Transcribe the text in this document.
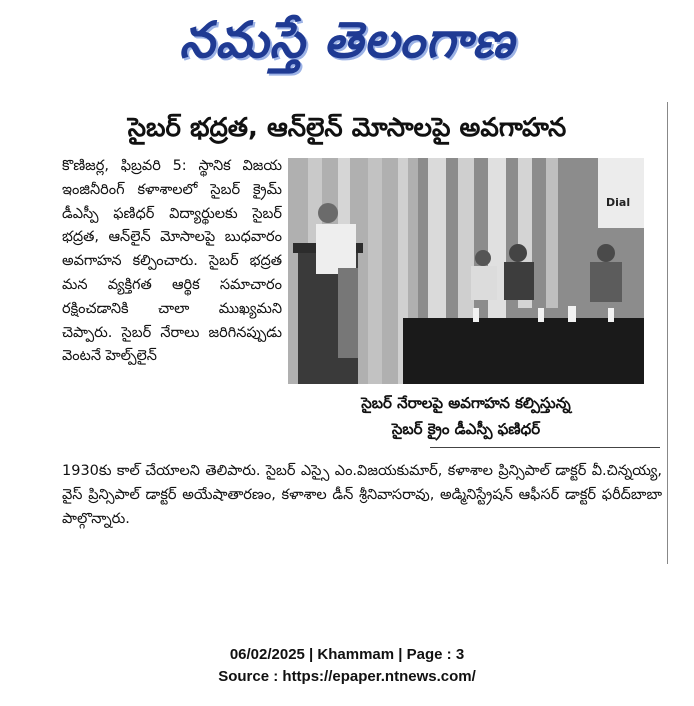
నమస్తే తెలంగాణ
సైబర్ భద్రత, ఆన్‌లైన్ మోసాలపై అవగాహన

కొణిజర్ల, ఫిబ్రవరి 5: స్థానిక విజయ ఇంజినీరింగ్ కళాశాలలో సైబర్ క్రైమ్ డీఎస్పీ ఫణిధర్ విద్యార్థులకు సైబర్ భద్రత, ఆన్‌లైన్ మోసాలపై బుధవారం అవగాహన కల్పించారు. సైబర్ భద్రత మన వ్యక్తిగత ఆర్థిక సమాచారం రక్షించడానికి చాలా ముఖ్యమని చెప్పారు. సైబర్ నేరాలు జరిగినప్పుడు వెంటనే హెల్ప్‌లైన్

Dial
సైబర్ నేరాలపై అవగాహన కల్పిస్తున్న
సైబర్ క్రైం డీఎస్పీ ఫణిధర్
1930కు కాల్ చేయాలని తెలిపారు. సైబర్ ఎస్సై ఎం.విజయకుమార్, కళాశాల ప్రిన్సిపాల్ డాక్టర్ వీ.చిన్నయ్య, వైస్ ప్రిన్సిపాల్ డాక్టర్ అయేషాతారణం, కళాశాల డీన్ శ్రీనివాసరావు, అడ్మినిస్ట్రేషన్ ఆఫీసర్ డాక్టర్ ఫరీద్‌బాబా పాల్గొన్నారు.
06/02/2025 | Khammam | Page : 3
Source : https://epaper.ntnews.com/
